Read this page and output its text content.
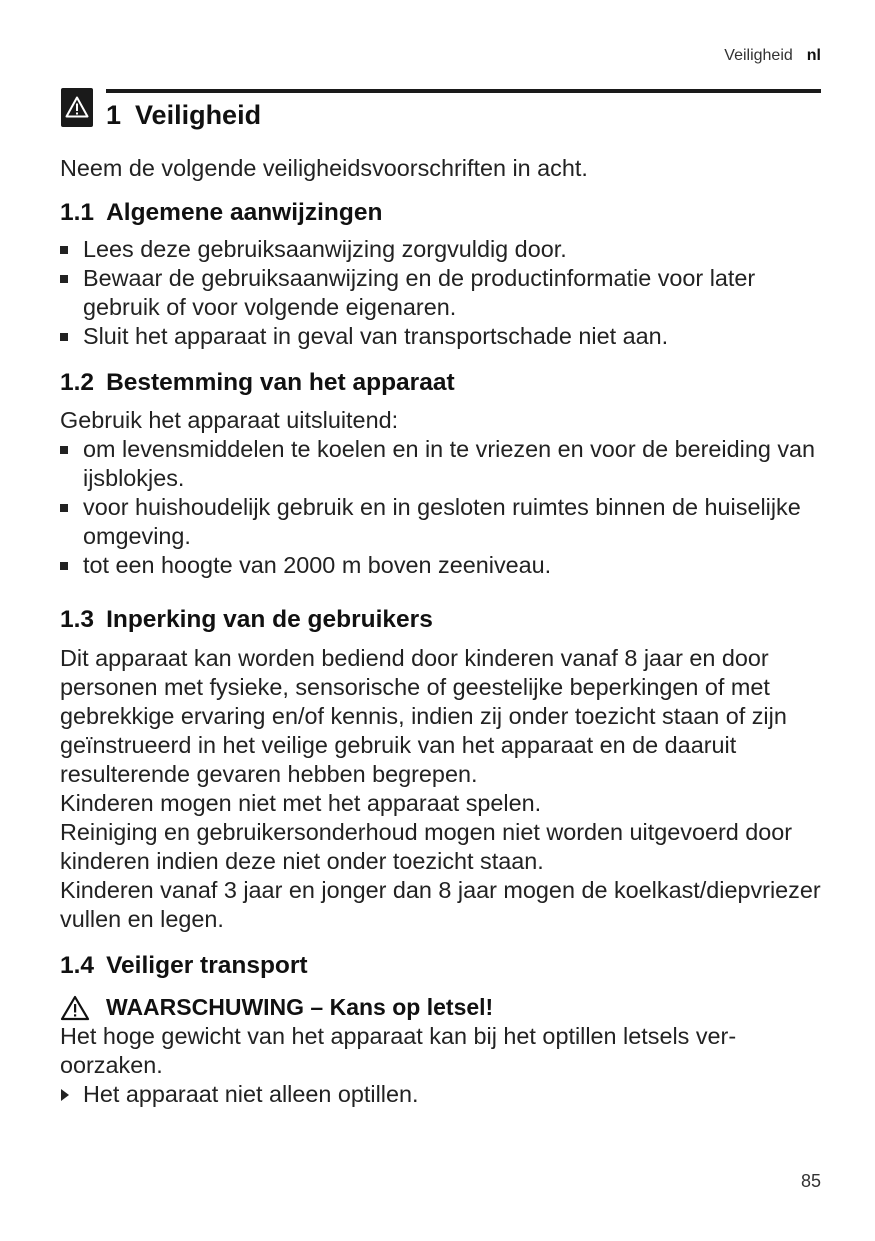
Veiligheid nl
1 Veiligheid

Neem de volgende veiligheidsvoorschriften in acht.

1.1 Algemene aanwijzingen
Lees deze gebruiksaanwijzing zorgvuldig door.
Bewaar de gebruiksaanwijzing en de productinformatie voor later gebruik of voor volgende eigenaren.
Sluit het apparaat in geval van transportschade niet aan.
1.2 Bestemming van het apparaat

Gebruik het apparaat uitsluitend:

om levensmiddelen te koelen en in te vriezen en voor de bereiding van ijsblokjes.
voor huishoudelijk gebruik en in gesloten ruimtes binnen de huiselijke omgeving.
tot een hoogte van 2000 m boven zeeniveau.
1.3 Inperking van de gebruikers

Dit apparaat kan worden bediend door kinderen vanaf 8 jaar en door personen met fysieke, sensorische of geestelijke beperkingen of met gebrekkige ervaring en/of kennis, indien zij onder toezicht staan of zijn geïnstrueerd in het veilige gebruik van het apparaat en de daaruit resulterende gevaren hebben begrepen.

Kinderen mogen niet met het apparaat spelen.

Reiniging en gebruikersonderhoud mogen niet worden uitgevoerd door kinderen indien deze niet onder toezicht staan.

Kinderen vanaf 3 jaar en jonger dan 8 jaar mogen de koelkast/​diepvriezer vullen en legen.

1.4 Veiliger transport
WAARSCHUWING – Kans op letsel!

Het hoge gewicht van het apparaat kan bij het optillen letsels veroorzaken.

Het apparaat niet alleen optillen.
85
